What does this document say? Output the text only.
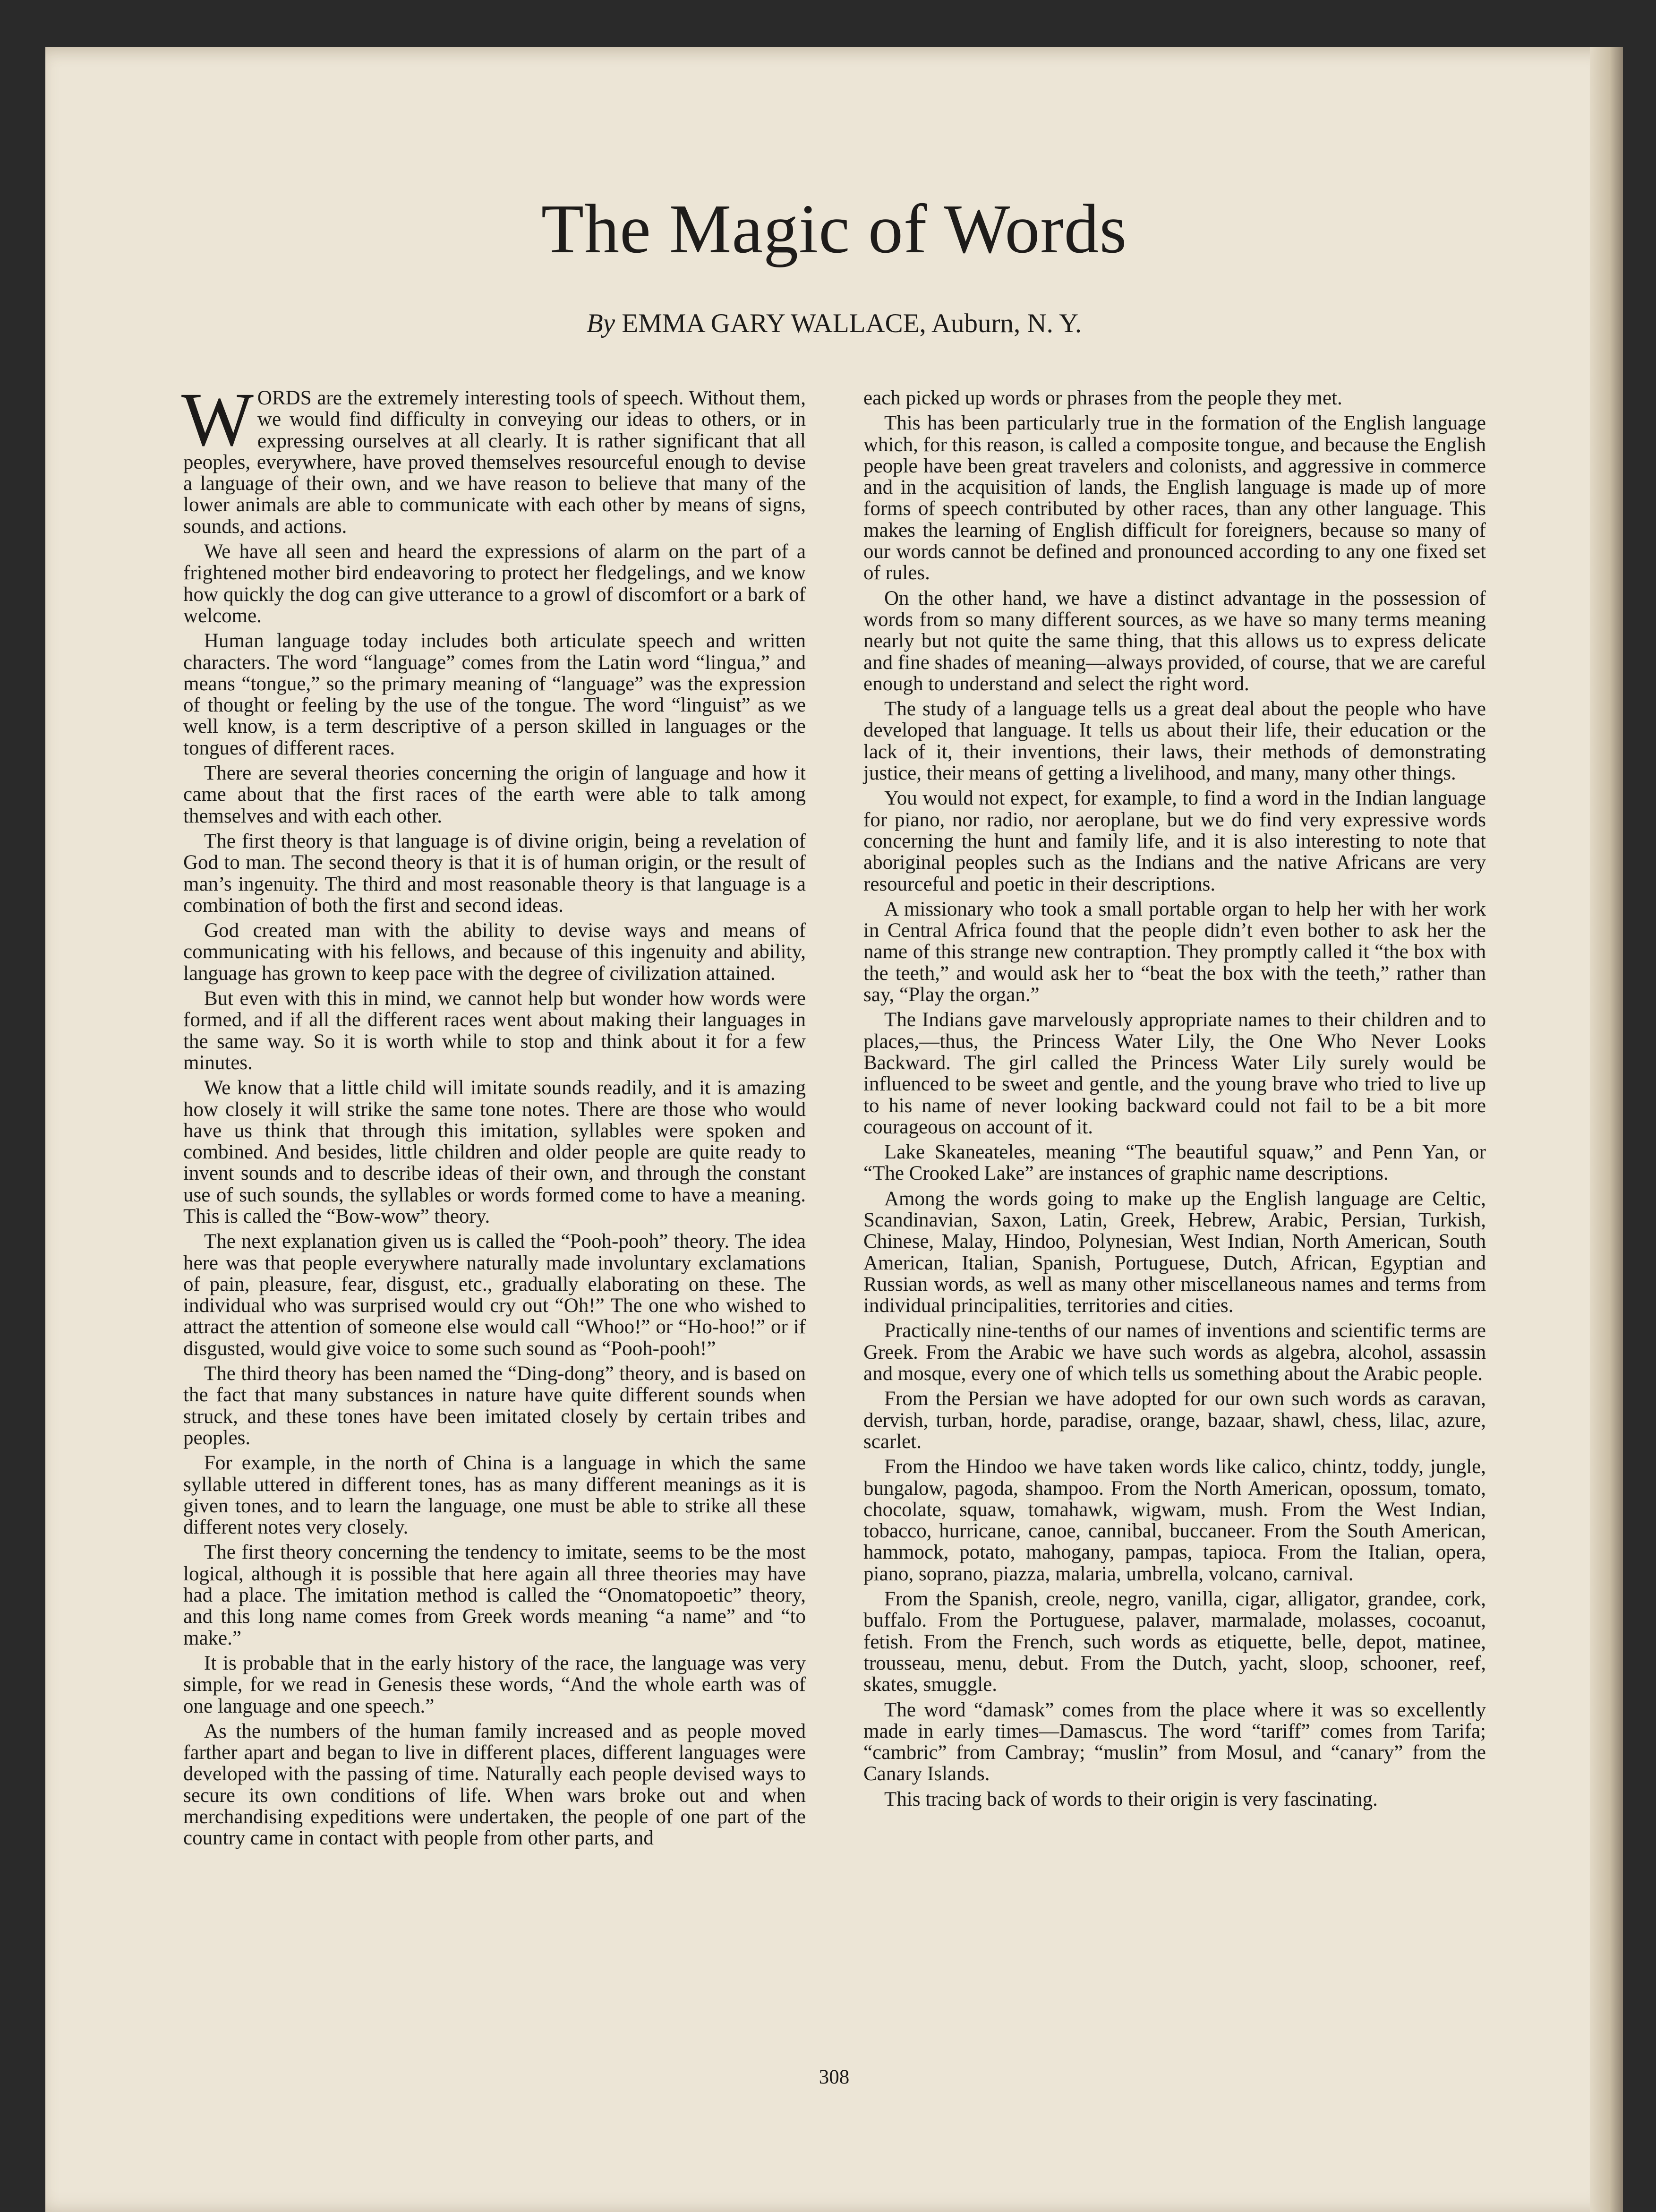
The Magic of Words
By EMMA GARY WALLACE, Auburn, N. Y.

WORDS are the extremely interesting tools of speech. Without them, we would find difficulty in conveying our ideas to others, or in expressing ourselves at all clearly. It is rather significant that all peoples, everywhere, have proved themselves resourceful enough to devise a language of their own, and we have reason to believe that many of the lower animals are able to communicate with each other by means of signs, sounds, and actions.

We have all seen and heard the expressions of alarm on the part of a frightened mother bird endeavoring to protect her fledgelings, and we know how quickly the dog can give utterance to a growl of discomfort or a bark of welcome.

Human language today includes both articulate speech and written characters. The word “language” comes from the Latin word “lingua,” and means “tongue,” so the primary meaning of “language” was the expression of thought or feeling by the use of the tongue. The word “linguist” as we well know, is a term descriptive of a person skilled in languages or the tongues of different races.

There are several theories concerning the origin of language and how it came about that the first races of the earth were able to talk among themselves and with each other.

The first theory is that language is of divine origin, being a revelation of God to man. The second theory is that it is of human origin, or the result of man’s ingenuity. The third and most reasonable theory is that language is a combination of both the first and second ideas.

God created man with the ability to devise ways and means of communicating with his fellows, and because of this ingenuity and ability, language has grown to keep pace with the degree of civilization attained.

But even with this in mind, we cannot help but wonder how words were formed, and if all the different races went about making their languages in the same way. So it is worth while to stop and think about it for a few minutes.

We know that a little child will imitate sounds readily, and it is amazing how closely it will strike the same tone notes. There are those who would have us think that through this imitation, syllables were spoken and combined. And besides, little children and older people are quite ready to invent sounds and to describe ideas of their own, and through the constant use of such sounds, the syllables or words formed come to have a meaning. This is called the “Bow-wow” theory.

The next explanation given us is called the “Pooh-pooh” theory. The idea here was that people everywhere naturally made involuntary exclamations of pain, pleasure, fear, disgust, etc., gradually elaborating on these. The individual who was surprised would cry out “Oh!” The one who wished to attract the attention of someone else would call “Whoo!” or “Ho-hoo!” or if disgusted, would give voice to some such sound as “Pooh-pooh!”

The third theory has been named the “Ding-dong” theory, and is based on the fact that many substances in nature have quite different sounds when struck, and these tones have been imitated closely by certain tribes and peoples.

For example, in the north of China is a language in which the same syllable uttered in different tones, has as many different meanings as it is given tones, and to learn the language, one must be able to strike all these different notes very closely.

The first theory concerning the tendency to imitate, seems to be the most logical, although it is possible that here again all three theories may have had a place. The imitation method is called the “Onomatopoetic” theory, and this long name comes from Greek words meaning “a name” and “to make.”

It is probable that in the early history of the race, the language was very simple, for we read in Genesis these words, “And the whole earth was of one language and one speech.”

As the numbers of the human family increased and as people moved farther apart and began to live in different places, different languages were developed with the passing of time. Naturally each people devised ways to secure its own conditions of life. When wars broke out and when merchandising expeditions were undertaken, the people of one part of the country came in contact with people from other parts, and

each picked up words or phrases from the people they met.

This has been particularly true in the formation of the English language which, for this reason, is called a composite tongue, and because the English people have been great travelers and colonists, and aggressive in commerce and in the acquisition of lands, the English language is made up of more forms of speech contributed by other races, than any other language. This makes the learning of English difficult for foreigners, because so many of our words cannot be defined and pronounced according to any one fixed set of rules.

On the other hand, we have a distinct advantage in the possession of words from so many different sources, as we have so many terms meaning nearly but not quite the same thing, that this allows us to express delicate and fine shades of meaning—always provided, of course, that we are careful enough to understand and select the right word.

The study of a language tells us a great deal about the people who have developed that language. It tells us about their life, their education or the lack of it, their inventions, their laws, their methods of demonstrating justice, their means of getting a livelihood, and many, many other things.

You would not expect, for example, to find a word in the Indian language for piano, nor radio, nor aeroplane, but we do find very expressive words concerning the hunt and family life, and it is also interesting to note that aboriginal peoples such as the Indians and the native Africans are very resourceful and poetic in their descriptions.

A missionary who took a small portable organ to help her with her work in Central Africa found that the people didn’t even bother to ask her the name of this strange new contraption. They promptly called it “the box with the teeth,” and would ask her to “beat the box with the teeth,” rather than say, “Play the organ.”

The Indians gave marvelously appropriate names to their children and to places,—thus, the Princess Water Lily, the One Who Never Looks Backward. The girl called the Princess Water Lily surely would be influenced to be sweet and gentle, and the young brave who tried to live up to his name of never looking backward could not fail to be a bit more courageous on account of it.

Lake Skaneateles, meaning “The beautiful squaw,” and Penn Yan, or “The Crooked Lake” are instances of graphic name descriptions.

Among the words going to make up the English language are Celtic, Scandinavian, Saxon, Latin, Greek, Hebrew, Arabic, Persian, Turkish, Chinese, Malay, Hindoo, Polynesian, West Indian, North American, South American, Italian, Spanish, Portuguese, Dutch, African, Egyptian and Russian words, as well as many other miscellaneous names and terms from individual principalities, territories and cities.

Practically nine-tenths of our names of inventions and scientific terms are Greek. From the Arabic we have such words as algebra, alcohol, assassin and mosque, every one of which tells us something about the Arabic people.

From the Persian we have adopted for our own such words as caravan, dervish, turban, horde, paradise, orange, bazaar, shawl, chess, lilac, azure, scarlet.

From the Hindoo we have taken words like calico, chintz, toddy, jungle, bungalow, pagoda, shampoo. From the North American, opossum, tomato, chocolate, squaw, tomahawk, wigwam, mush. From the West Indian, tobacco, hurricane, canoe, cannibal, buccaneer. From the South American, hammock, potato, mahogany, pampas, tapioca. From the Italian, opera, piano, soprano, piazza, malaria, umbrella, volcano, carnival.

From the Spanish, creole, negro, vanilla, cigar, alligator, grandee, cork, buffalo. From the Portuguese, palaver, marmalade, molasses, cocoanut, fetish. From the French, such words as etiquette, belle, depot, matinee, trousseau, menu, debut. From the Dutch, yacht, sloop, schooner, reef, skates, smuggle.

The word “damask” comes from the place where it was so excellently made in early times—Damascus. The word “tariff” comes from Tarifa; “cambric” from Cambray; “muslin” from Mosul, and “canary” from the Canary Islands.

This tracing back of words to their origin is very fascinating.

308
